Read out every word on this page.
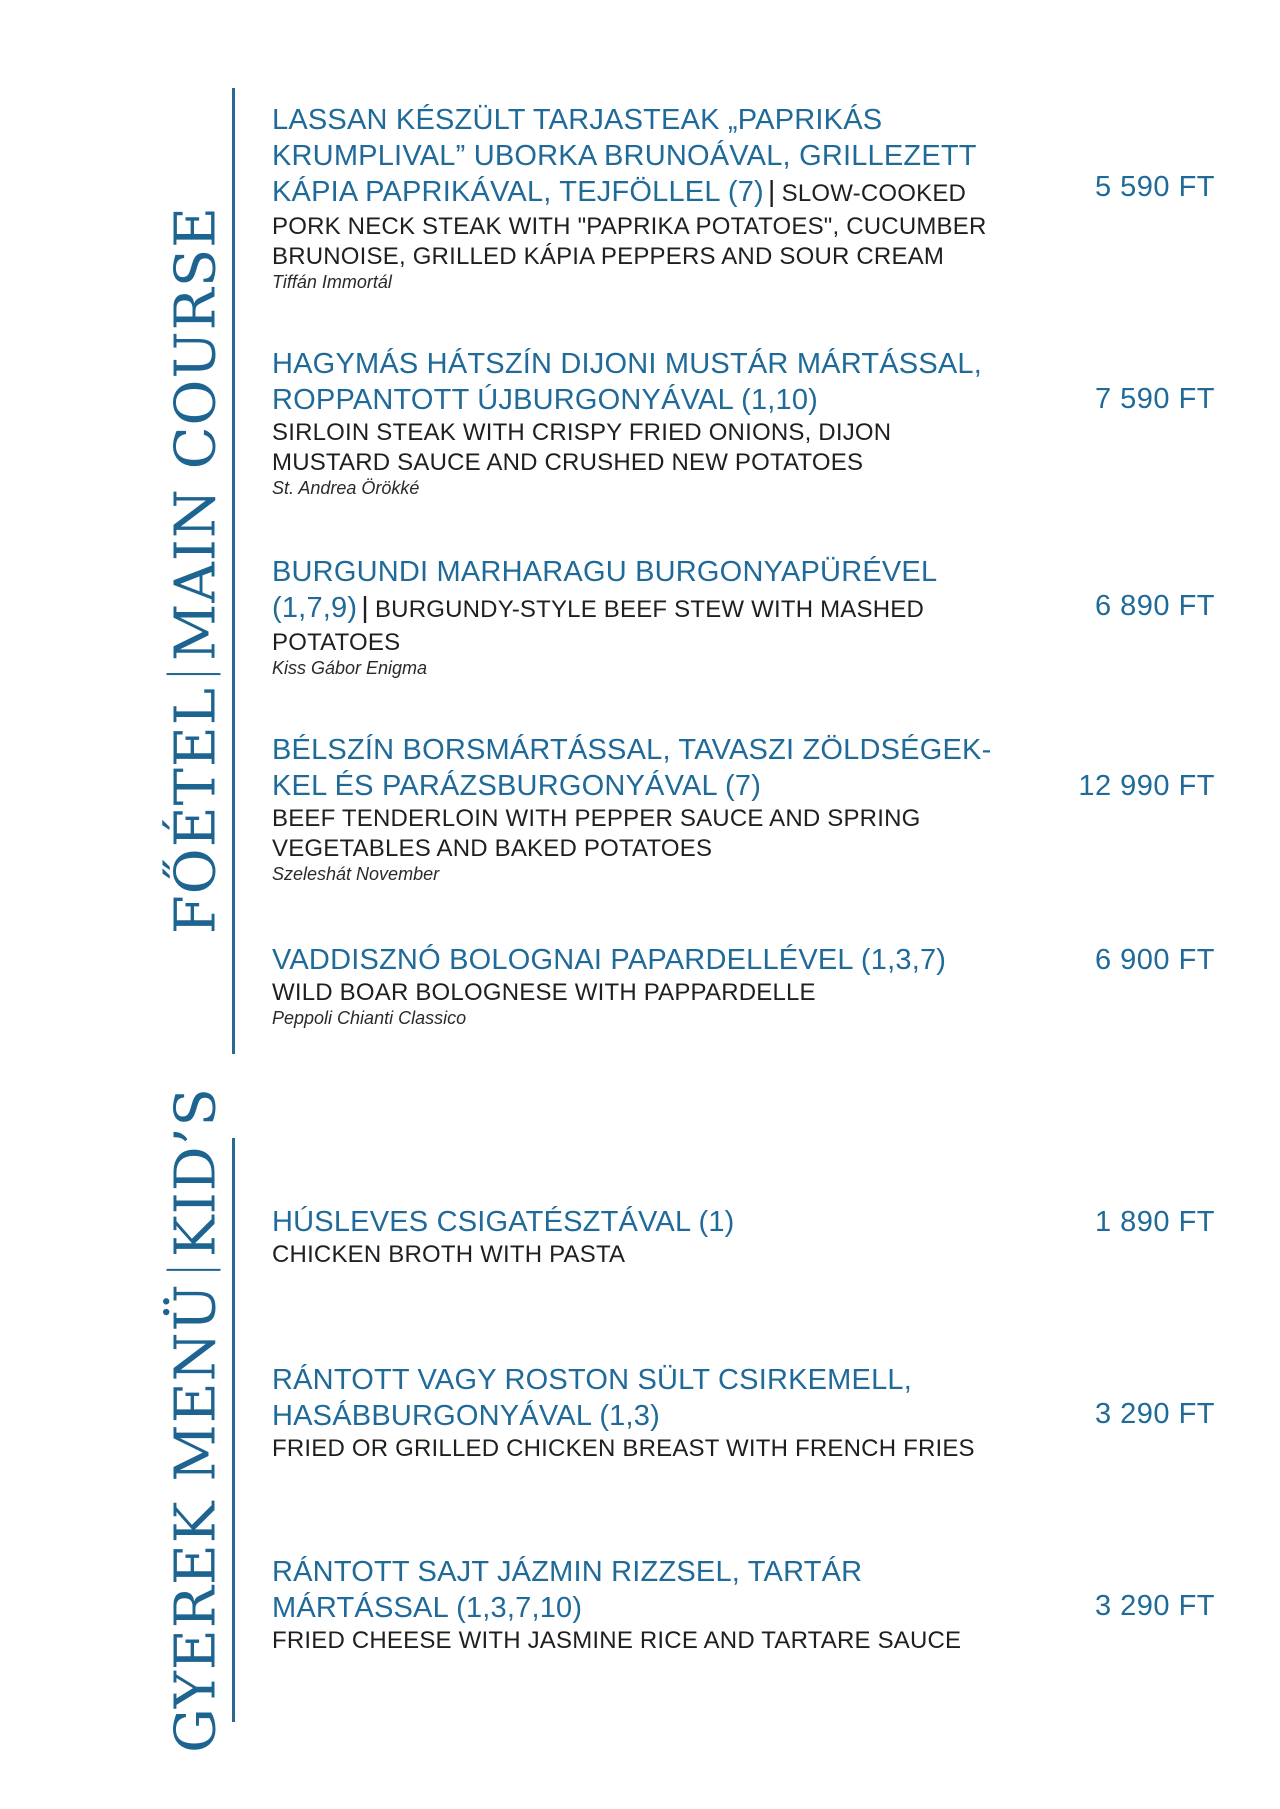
FŐÉTELMAIN COURSE
LASSAN KÉSZÜLT TARJASTEAK „PAPRIKÁS KRUMPLIVAL” UBORKA BRUNOÁVAL, GRILLEZETT KÁPIA PAPRIKÁVAL, TEJFÖLLEL (7) | SLOW-COOKED
PORK NECK STEAK WITH "PAPRIKA POTATOES", CUCUMBER BRUNOISE, GRILLED KÁPIA PEPPERS AND SOUR CREAM
Tiffán Immortál
5 590 FT
HAGYMÁS HÁTSZÍN DIJONI MUSTÁR MÁRTÁSSAL, ROPPANTOTT ÚJBURGONYÁVAL (1,10)
SIRLOIN STEAK WITH CRISPY FRIED ONIONS, DIJON MUSTARD SAUCE AND CRUSHED NEW POTATOES
St. Andrea Örökké
7 590 FT
BURGUNDI MARHARAGU BURGONYAPÜRÉVEL (1,7,9) | BURGUNDY-STYLE BEEF STEW WITH MASHED
POTATOES
Kiss Gábor Enigma
6 890 FT
BÉLSZÍN BORSMÁRTÁSSAL, TAVASZI ZÖLDSÉGEK-KEL ÉS PARÁZSBURGONYÁVAL (7)
BEEF TENDERLOIN WITH PEPPER SAUCE AND SPRING VEGETABLES AND BAKED POTATOES
Szeleshát November
12 990 FT
VADDISZNÓ BOLOGNAI PAPARDELLÉVEL (1,3,7)
WILD BOAR BOLOGNESE WITH PAPPARDELLE
Peppoli Chianti Classico
6 900 FT
GYEREK MENÜKID’S HÚSLEVES CSIGATÉSZTÁVAL (1)
CHICKEN BROTH WITH PASTA
1 890 FT
RÁNTOTT VAGY ROSTON SÜLT CSIRKEMELL, HASÁBBURGONYÁVAL (1,3)
FRIED OR GRILLED CHICKEN BREAST WITH FRENCH FRIES
3 290 FT
RÁNTOTT SAJT JÁZMIN RIZZSEL, TARTÁR MÁRTÁSSAL (1,3,7,10)
FRIED CHEESE WITH JASMINE RICE AND TARTARE SAUCE
3 290 FT
